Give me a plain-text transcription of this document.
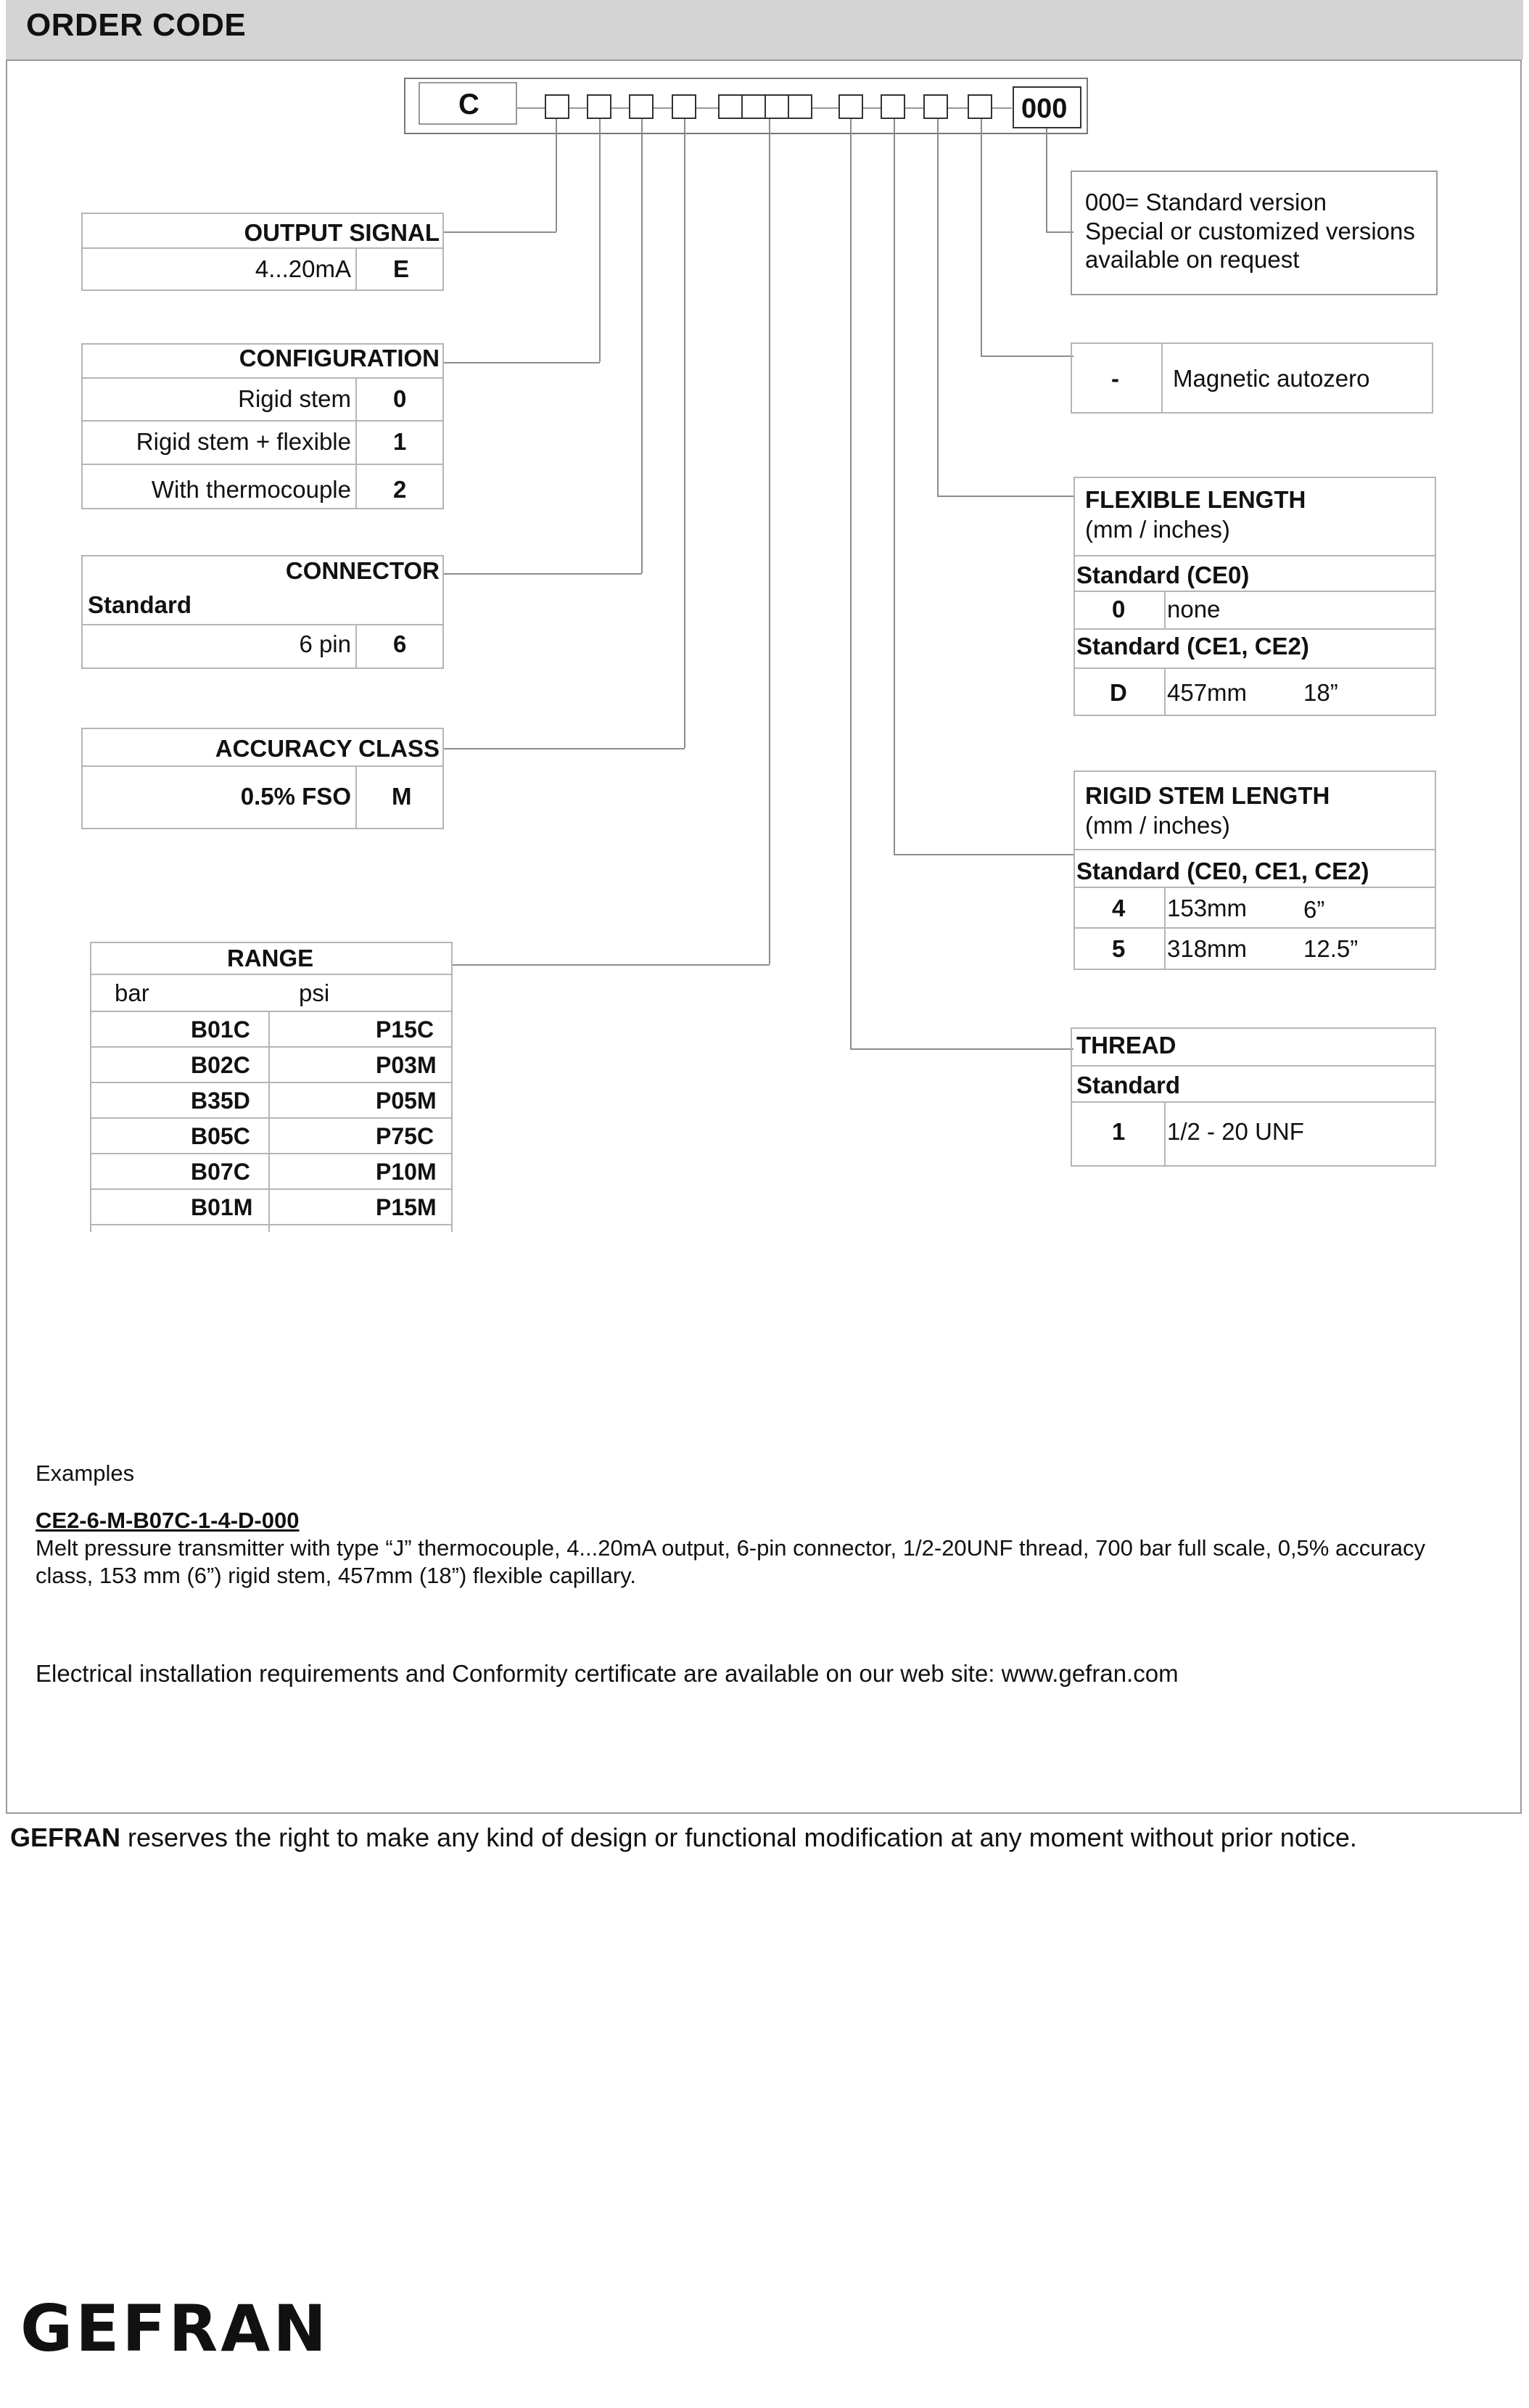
ORDER CODE
C	000
OUTPUT SIGNAL
4...20mA E
CONFIGURATION
Rigid stem 0
Rigid stem + flexible 1
With thermocouple 2
CONNECTOR
Standard
6 pin 6
ACCURACY CLASS
0.5% FSO M
RANGE
bar	psi
B01C	P15C
B02C	P03M
B35D	P05M
B05C	P75C
B07C	P10M
B01M	P15M
000= Standard version
Special or customized versions
available on request
- Magnetic autozero
FLEXIBLE LENGTH
(mm / inches)
Standard (CE0)
0 none
Standard (CE1, CE2)
D 457mm 18”
RIGID STEM LENGTH
(mm / inches)
Standard (CE0, CE1, CE2)
4 153mm 6”
5 318mm 12.5”
THREAD
Standard
1 1/2 - 20 UNF
Examples
CE2-6-M-B07C-1-4-D-000
Melt pressure transmitter with type “J” thermocouple, 4...20mA output, 6-pin connector, 1/2-20UNF thread, 700 bar full scale, 0,5% accuracy
class, 153 mm (6”) rigid stem, 457mm (18”) flexible capillary.
Electrical installation requirements and Conformity certificate are available on our web site: www.gefran.com
GEFRAN reserves the right to make any kind of design or functional modification at any moment without prior notice.
GEFRAN
